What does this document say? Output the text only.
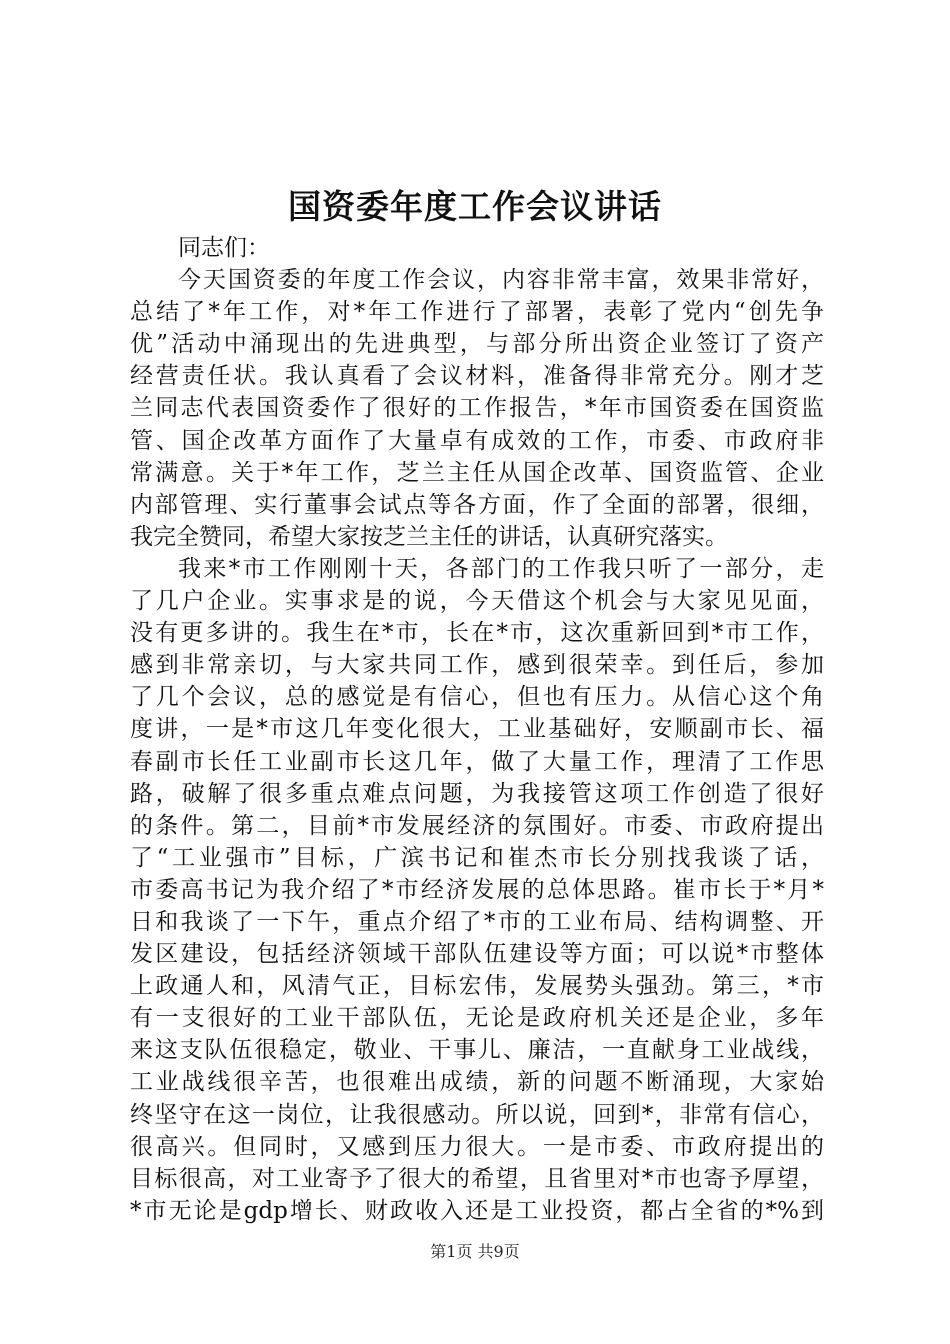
国资委年度工作会议讲话
同志们：
今天国资委的年度工作会议，内容非常丰富，效果非常好，
总结了*年工作，对*年工作进行了部署，表彰了党内“创先争
优”活动中涌现出的先进典型，与部分所出资企业签订了资产
经营责任状。我认真看了会议材料，准备得非常充分。刚才芝
兰同志代表国资委作了很好的工作报告，*年市国资委在国资监
管、国企改革方面作了大量卓有成效的工作，市委、市政府非
常满意。关于*年工作，芝兰主任从国企改革、国资监管、企业
内部管理、实行董事会试点等各方面，作了全面的部署，很细，
我完全赞同，希望大家按芝兰主任的讲话，认真研究落实。
我来*市工作刚刚十天，各部门的工作我只听了一部分，走
了几户企业。实事求是的说，今天借这个机会与大家见见面，
没有更多讲的。我生在*市，长在*市，这次重新回到*市工作，
感到非常亲切，与大家共同工作，感到很荣幸。到任后，参加
了几个会议，总的感觉是有信心，但也有压力。从信心这个角
度讲，一是*市这几年变化很大，工业基础好，安顺副市长、福
春副市长任工业副市长这几年，做了大量工作，理清了工作思
路，破解了很多重点难点问题，为我接管这项工作创造了很好
的条件。第二，目前*市发展经济的氛围好。市委、市政府提出
了“工业强市”目标，广滨书记和崔杰市长分别找我谈了话，
市委高书记为我介绍了*市经济发展的总体思路。崔市长于*月*
日和我谈了一下午，重点介绍了*市的工业布局、结构调整、开
发区建设，包括经济领域干部队伍建设等方面；可以说*市整体
上政通人和，风清气正，目标宏伟，发展势头强劲。第三，*市
有一支很好的工业干部队伍，无论是政府机关还是企业，多年
来这支队伍很稳定，敬业、干事儿、廉洁，一直献身工业战线，
工业战线很辛苦，也很难出成绩，新的问题不断涌现，大家始
终坚守在这一岗位，让我很感动。所以说，回到*，非常有信心，
很高兴。但同时，又感到压力很大。一是市委、市政府提出的
目标很高，对工业寄予了很大的希望，且省里对*市也寄予厚望，
*市无论是gdp增长、财政收入还是工业投资，都占全省的*%到
第1页 共9页
